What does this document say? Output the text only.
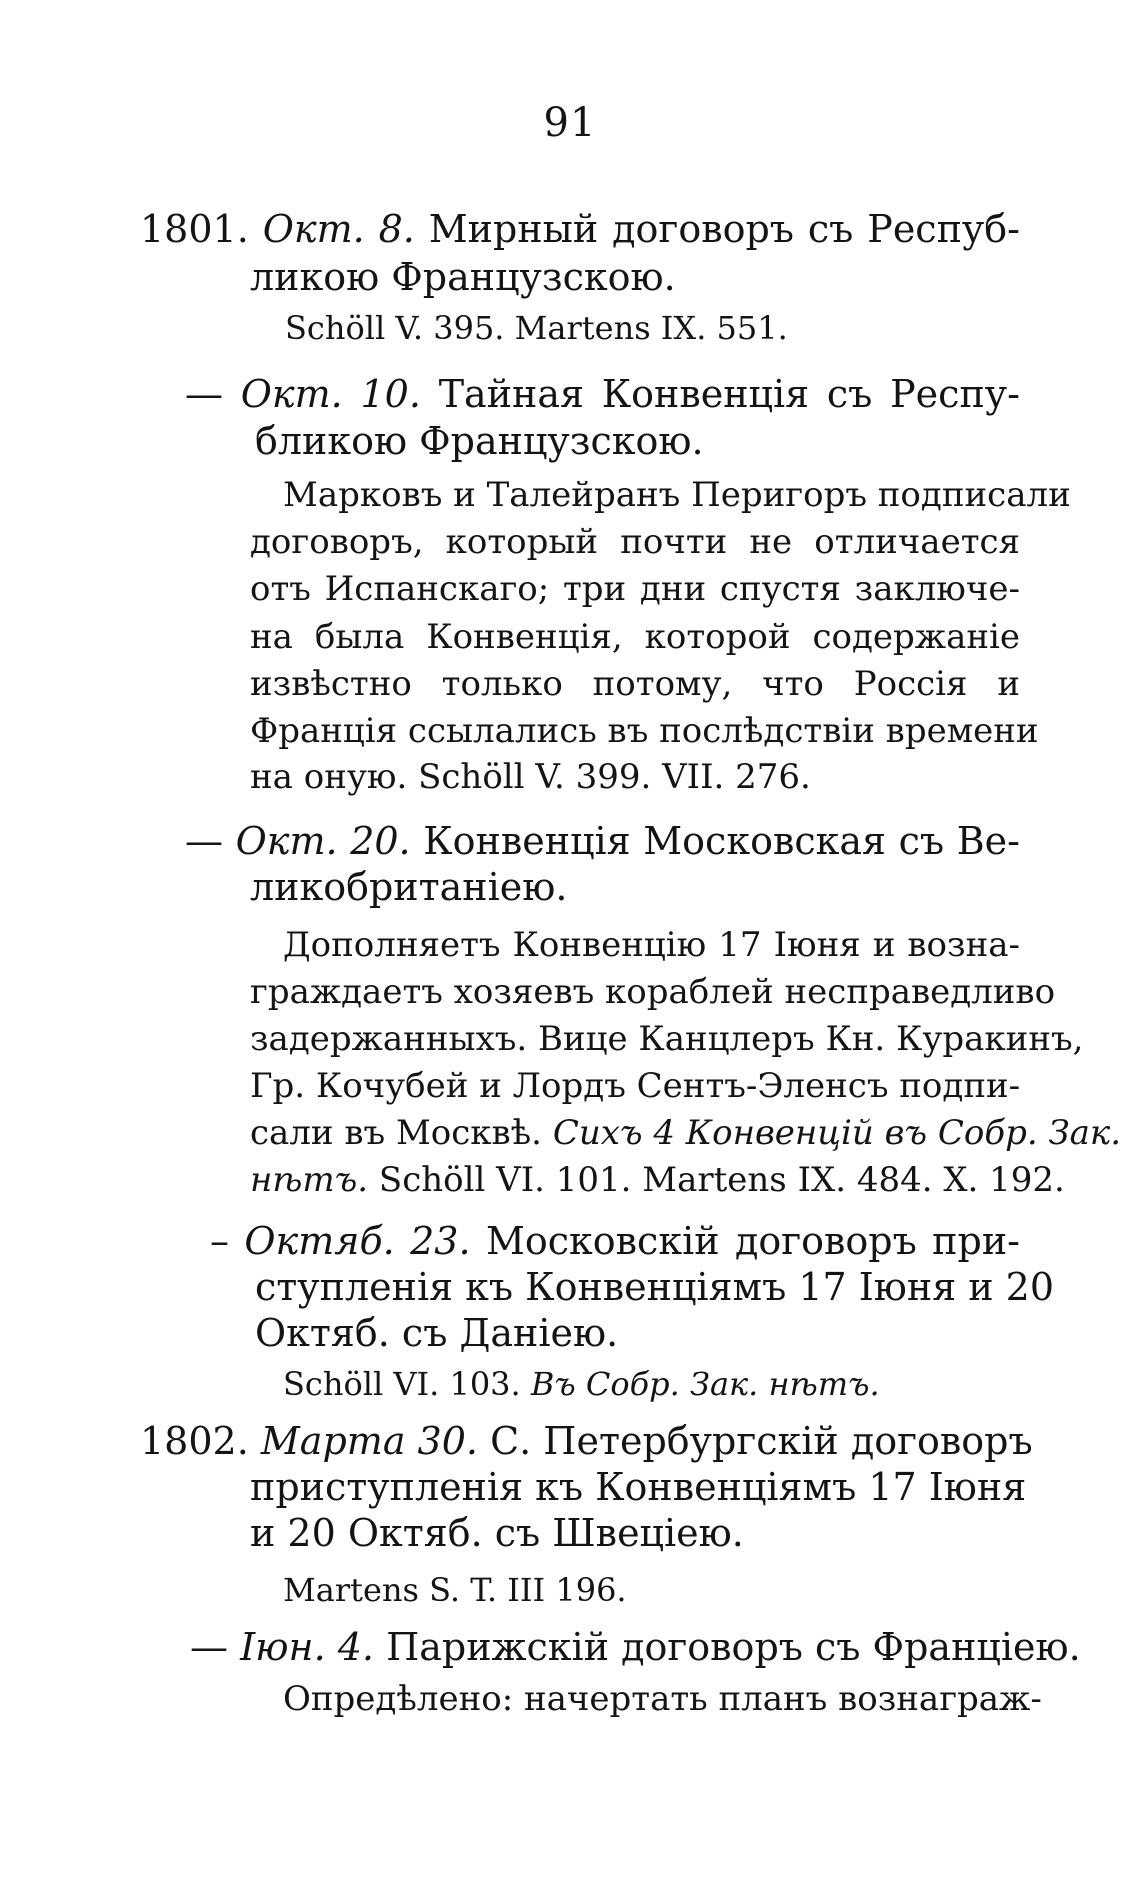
91
1801. Окт. 8. Мирный договоръ съ Респуб-
ликою Французскою.
Schöll V. 395. Martens IX. 551.
— Окт. 10. Тайная Конвенція съ Респу-
бликою Французскою.
Марковъ и Талейранъ Перигоръ подписали
договоръ, который почти не отличается
отъ Испанскаго; три дни спустя заключе-
на была Конвенція, которой содержаніе
извѣстно только потому, что Россія и
Франція ссылались въ послѣдствіи времени
на оную. Schöll V. 399. VII. 276.
— Окт. 20. Конвенція Московская съ Ве-
ликобританіею.
Дополняетъ Конвенцію 17 Іюня и возна-
граждаетъ хозяевъ кораблей несправедливо
задержанныхъ. Вице Канцлеръ Кн. Куракинъ,
Гр. Кочубей и Лордъ Сентъ-Эленсъ подпи-
сали въ Москвѣ. Сихъ 4 Конвенцій въ Собр. Зак.
нѣтъ. Schöll VI. 101. Martens IX. 484. X. 192.
– Октяб. 23. Московскій договоръ при-
ступленія къ Конвенціямъ 17 Іюня и 20
Октяб. съ Даніею.
Schöll VI. 103. Въ Собр. Зак. нѣтъ.
1802. Марта 30. С. Петербургскій договоръ
приступленія къ Конвенціямъ 17 Іюня
и 20 Октяб. съ Швеціею.
Martens S. T. III 196.
— Іюн. 4. Парижскій договоръ съ Франціею.
Опредѣлено: начертать планъ вознаграж-
